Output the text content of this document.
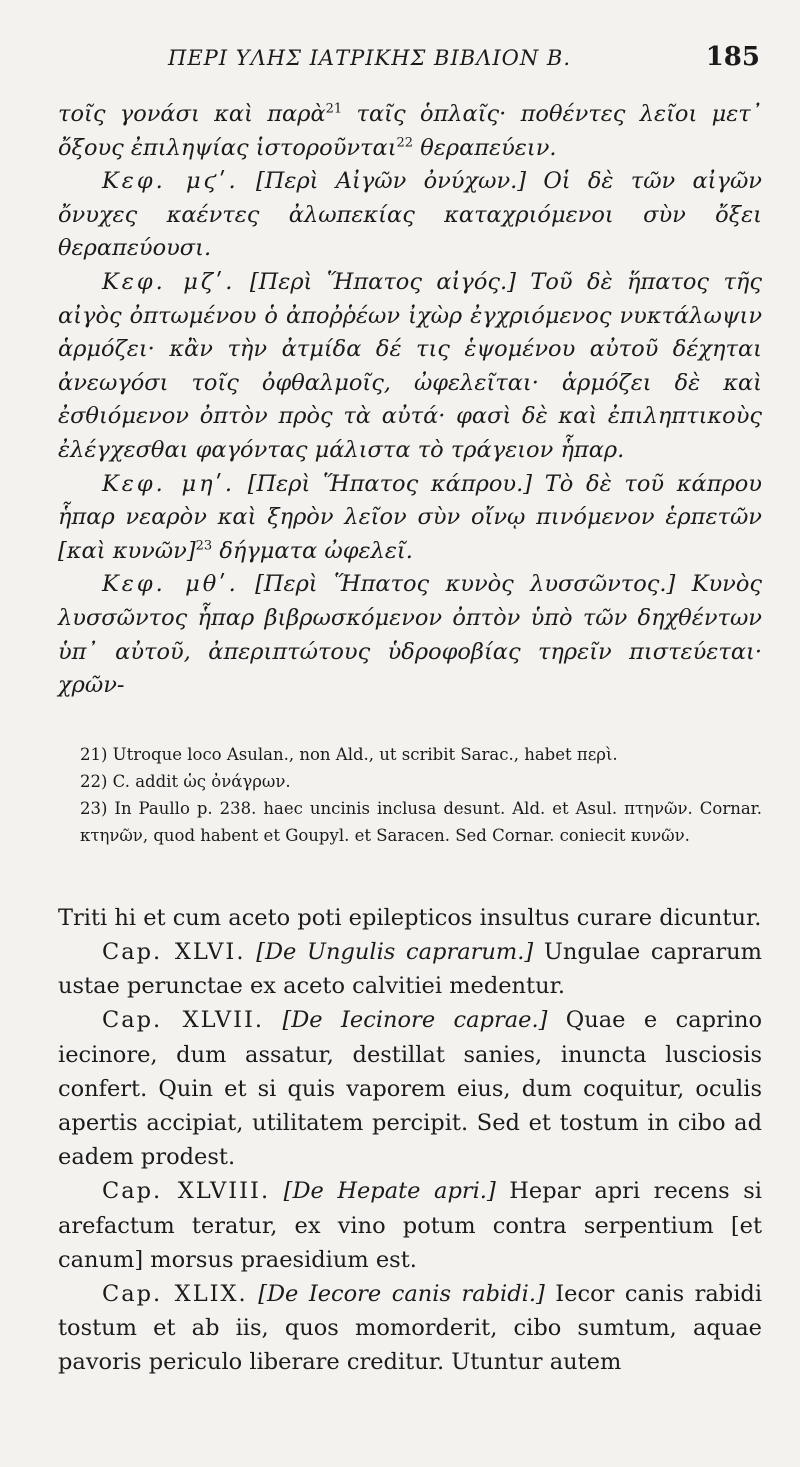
ΠΕΡΙ ΥΛΗΣ ΙΑΤΡΙΚΗΣ ΒΙΒΛΙΟΝ Β.	185

τοῖς γονάσι καὶ παρὰ$^{21}$ ταῖς ὁπλαῖς· ποθέντες λεῖοι μετ᾽ ὄξους ἐπιληψίας ἱστοροῦνται$^{22}$ θεραπεύειν.

Κεφ. μϛʹ. [Περὶ Αἰγῶν ὀνύχων.] Οἱ δὲ τῶν αἰγῶν ὄνυχες καέντες ἀλωπεκίας καταχριόμενοι σὺν ὄξει θεραπεύουσι.

Κεφ. μζʹ. [Περὶ Ἥπατος αἰγός.] Τοῦ δὲ ἥπατος τῆς αἰγὸς ὀπτωμένου ὁ ἀποῤῥέων ἰχὼρ ἐγχριόμενος νυκτάλωψιν ἁρμόζει· κἂν τὴν ἀτμίδα δέ τις ἑψομένου αὐτοῦ δέχηται ἀνεωγόσι τοῖς ὀφθαλμοῖς, ὠφελεῖται· ἁρμόζει δὲ καὶ ἐσθιόμενον ὀπτὸν πρὸς τὰ αὐτά· φασὶ δὲ καὶ ἐπιληπτικοὺς ἐλέγχεσθαι φαγόντας μάλιστα τὸ τράγειον ἧπαρ.

Κεφ. μηʹ. [Περὶ Ἥπατος κάπρου.] Τὸ δὲ τοῦ κάπρου ἧπαρ νεαρὸν καὶ ξηρὸν λεῖον σὺν οἴνῳ πινόμενον ἑρπετῶν [καὶ κυνῶν]$^{23}$ δήγματα ὠφελεῖ.

Κεφ. μθʹ. [Περὶ Ἥπατος κυνὸς λυσσῶντος.] Κυνὸς λυσσῶντος ἧπαρ βιβρωσκόμενον ὀπτὸν ὑπὸ τῶν δηχθέντων ὑπ᾽ αὐτοῦ, ἀπεριπτώτους ὑδροφοβίας τηρεῖν πιστεύεται· χρῶν-

21) Utroque loco Asulan., non Ald., ut scribit Sarac., habet περὶ.

22) C. addit ὡς ὀνάγρων.

23) In Paullo p. 238. haec uncinis inclusa desunt. Ald. et Asul. πτηνῶν. Cornar. κτηνῶν, quod habent et Goupyl. et Saracen. Sed Cornar. coniecit κυνῶν.

Triti hi et cum aceto poti epilepticos insultus curare dicuntur.

Cap. XLVI. [De Ungulis caprarum.] Ungulae caprarum ustae perunctae ex aceto calvitiei medentur.

Cap. XLVII. [De Iecinore caprae.] Quae e caprino iecinore, dum assatur, destillat sanies, inuncta lusciosis confert. Quin et si quis vaporem eius, dum coquitur, oculis apertis accipiat, utilitatem percipit. Sed et tostum in cibo ad eadem prodest.

Cap. XLVIII. [De Hepate apri.] Hepar apri recens si arefactum teratur, ex vino potum contra serpentium [et canum] morsus praesidium est.

Cap. XLIX. [De Iecore canis rabidi.] Iecor canis rabidi tostum et ab iis, quos momorderit, cibo sumtum, aquae pavoris periculo liberare creditur. Utuntur autem
